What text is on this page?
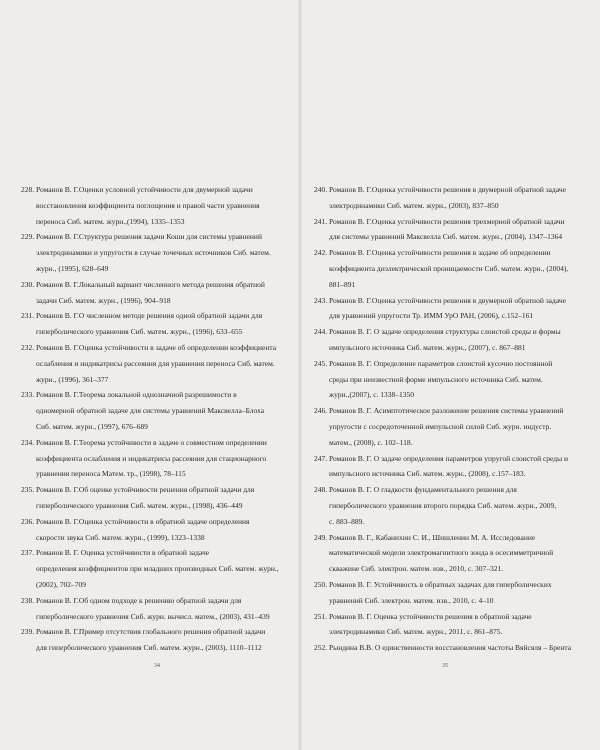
228. Романов В. Г.Оценки условной устойчивости для двумерной задачи
восстановления коэффициента поглощения и правой части уравнения
переноса Сиб. матем. журн.,(1994), 1335–1353
229. Романов В. Г.Структура решения задачи Коши для системы уравнений
электродинамики и упругости в случае точечных источников Сиб. матем.
журн., (1995), 628–649
230. Романов В. Г.Локальный вариант численного метода решения обратной
задачи Сиб. матем. журн., (1996), 904–918
231. Романов В. Г.О численном методе решения одной обратной задачи для
гиперболического уравнения Сиб. матем. журн., (1996), 633–655
232. Романов В. Г.Оценка устойчивости в задаче об определении коэффициента
ослабления и индикатрисы рассеяния для уравнения переноса Сиб. матем.
журн., (1996), 361–377
233. Романов В. Г.Теорема локальной однозначной разрешимости в
одномерной обратной задаче для системы уравнений Максвелла–Блоха
Сиб. матем. журн., (1997), 676–689
234. Романов В. Г.Теорема устойчивости в задаче о совместном определении
коэффициента ослабления и индикатрисы рассеяния для стационарного
уравнения переноса Матем. тр., (1998), 78–115
235. Романов В. Г.Об оценке устойчивости решения обратной задачи для
гиперболического уравнения Сиб. матем. журн., (1998), 436–449
236. Романов В. Г.Оценка устойчивости в обратной задаче определения
скорости звука Сиб. матем. журн., (1999), 1323–1338
237. Романов В. Г. Оценка устойчивости в обратной задаче
определения коэффициентов при младших производных Сиб. матем. журн.,
(2002), 702–709
238. Романов В. Г.Об одном подходе к решению обратной задачи для
гиперболического уравнения Сиб. журн. вычисл. матем., (2003), 431–439
239. Романов В. Г.Пример отсутствия глобального решения обратной задачи
для гиперболического уравнения Сиб. матем. журн., (2003), 1110–1112
34
240. Романов В. Г.Оценка устойчивости решения в двумерной обратной задаче
электродинамики Сиб. матем. журн., (2003), 837–850
241. Романов В. Г.Оценка устойчивости решения трехмерной обратной задачи
для системы уравнений Максвелла Сиб. матем. журн., (2004), 1347–1364
242. Романов В. Г.Оценка устойчивости решения в задаче об определении
коэффициента диэлектрической проницаемости Сиб. матем. журн., (2004),
881–891
243. Романов В. Г.Оценка устойчивости решения в двумерной обратной задаче
для уравнений упругости Тр. ИММ УрО РАН, (2006), с.152–161
244. Романов В. Г. О задаче определения структуры слоистой среды и формы
импульсного источника Сиб. матем. журн., (2007), с. 867–881
245. Романов В. Г. Определение параметров слоистой кусочно постоянной
среды при неизвестной форме импульсного источника Сиб. матем.
журн.,(2007), с. 1338–1350
246. Романов В. Г. Асимптотическое разложение решения системы уравнений
упругости с сосредоточенной импульсной силой Сиб. журн. индустр.
матем., (2008), с. 102–118.
247. Романов В. Г. О задаче определения параметров упругой слоистой среды и
импульсного источника Сиб. матем. журн., (2008), с.157–183.
248. Романов В. Г. О гладкости фундаментального решения для
гиперболического уравнения второго порядка Сиб. матем. журн., 2009,
с. 883–889.
249. Романов В. Г., Кабанихин С. И., Шишленин М. А. Исследование
математической модели электромагнитного зонда в осесимметричной
скважине Сиб. электрон. матем. изв., 2010, с. 307–321.
250. Романов В. Г. Устойчивость в обратных задачах для гиперболических
уравнений Сиб. электрон. матем. изв., 2010, с. 4–10
251. Романов В. Г. Оценка устойчивости решения в обратной задаче
электродинамики Сиб. матем. журн., 2011, с. 861–875.
252. Рындина В.В. О единственности восстановления частоты Вяйсяля – Брента
35
